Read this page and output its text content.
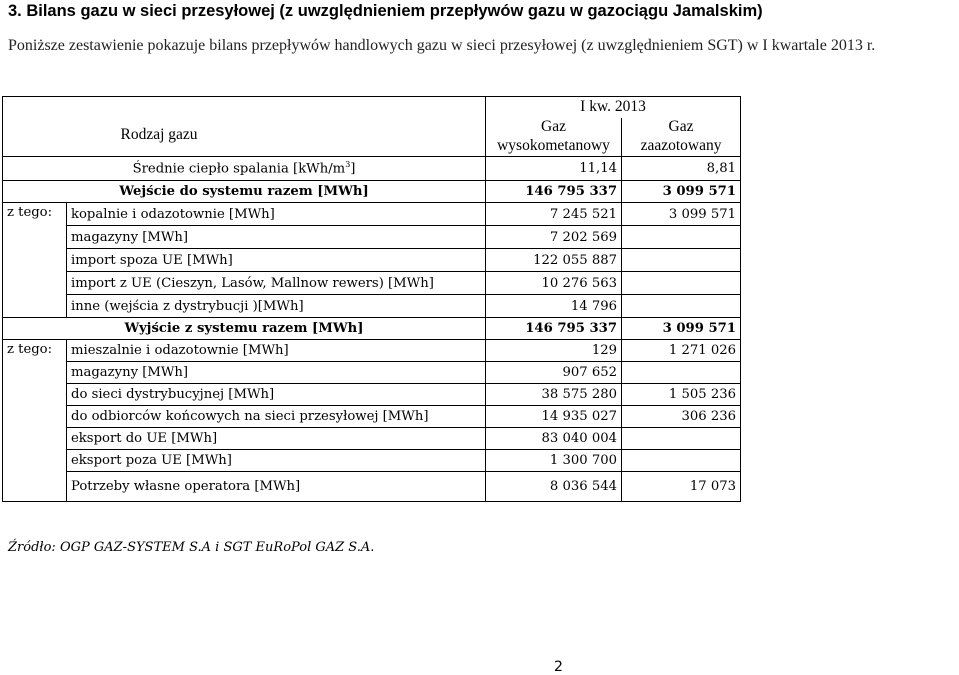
3. Bilans gazu w sieci przesyłowej (z uwzględnieniem przepływów gazu w gazociągu Jamalskim)
Poniższe zestawienie pokazuje bilans przepływów handlowych gazu w sieci przesyłowej (z uwzględnieniem SGT) w I kwartale 2013 r.
Rodzaj gazu		I kw. 2013	
		Gaz	Gaz
		wysokometanowy	zaazotowany
Średnie ciepło spalania $[kWh/m^3]$		11,14	8,81
Wejście do systemu razem [MWh]		146 795 337	3 099 571
z tego:	kopalnie i odazotownie [MWh]	7 245 521	3 099 571
	magazyny [MWh]	7 202 569	
	import spoza UE [MWh]	122 055 887	
	import z UE (Cieszyn, Lasów, Mallnow rewers) [MWh]	10 276 563	
	inne (wejścia z dystrybucji )[MWh]	14 796	
Wyjście z systemu razem [MWh]		146 795 337	3 099 571
z tego:	mieszalnie i odazotownie [MWh]	129	1 271 026
	magazyny [MWh]	907 652	
	do sieci dystrybucyjnej [MWh]	38 575 280	1 505 236
	do odbiorców końcowych na sieci przesyłowej [MWh]	14 935 027	306 236
	eksport do UE [MWh]	83 040 004	
	eksport poza UE [MWh]	1 300 700	
	Potrzeby własne operatora [MWh]	8 036 544	17 073
Źródło: OGP GAZ-SYSTEM S.A i SGT EuRoPol GAZ S.A.
2
